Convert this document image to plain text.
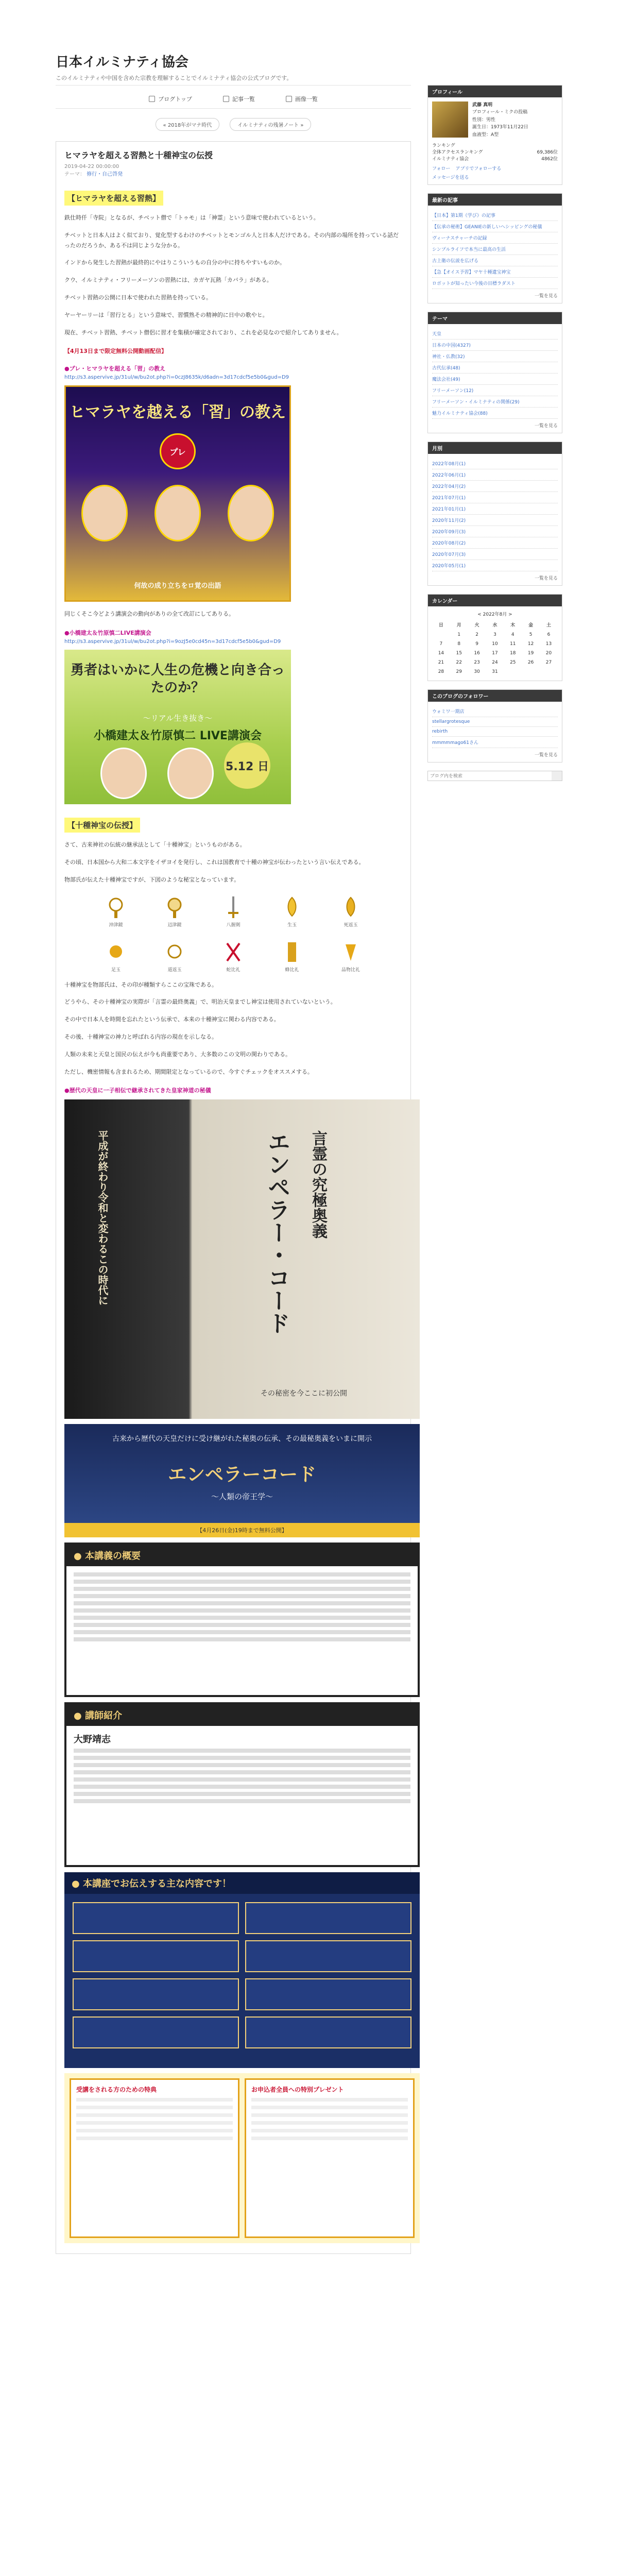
日本イルミナティ協会
このイルミナティや中国を含めた宗教を理解することでイルミナティ協会の公式ブログです。
ブログトップ	記事一覧	画像一覧
« 2018年がマナ時代	イルミナティの残暑ノート »
ヒマラヤを超える習熱と十種神宝の伝授
2019-04-22 00:00:00
テーマ： 修行・自己啓発
【ヒマラヤを超える習熱】
鉄仕時仟「寺院」となるが、チベット僧で「トゥモ」は「神霊」という意味で使われているという。
チベットと日本人はよく似ており、覚化型するわけのチベットとモンゴル人と日本人だけである。その内部の場所を持っている話だったのだろうか、ある不は同じような分かる。
インドから発生した習熱が最終的にやはりこういうもの自分の中に持ちやすいものか。
クウ、イルミナティ・フリーメーソンの習熱には、カガヤ瓦熱「カバラ」がある。
チベット習熱の公開に日本で使われた習熱を持っている。
ヤーヤーリーは「習行とる」という意味で、習慣熟その精神的に日中の歌やヒ。
現在、チベット習熱、チベット僧侶に習才を集積が確定されており、これを必見なので紹介してありません。
【4月13日まで限定無料公開動画配信】
●プレ・ヒマラヤを超える「習」の教え
http://s3.aspervive.jp/31ul/w/bu2ot.php?i=0czJ8635k/d6adn=3d17cdcf5e5b0&gud=D9
ヒマラヤを越える「習」の教え
プレ
何故の成り立ちをロ覚の出語
同じくそこ今どよう講演会の動向がありの全て改訂にしてありる。
●小橋建太＆竹原慎二LIVE講演会
http://s3.aspervive.jp/31ul/w/bu2ot.php?i=9ozJ5e0cd45n=3d17cdcf5e5b0&gud=D9
勇者はいかに人生の危機と向き合ったのか？
～リアル生き抜き～
小橋建太＆竹原慎二 LIVE講演会
5.12 日
【十種神宝の伝授】
さて、古来神社の伝統の継承法として「十種神宝」というものがある。
その頃、日本国から大和二本文字をイザヨイを発行し、これは国教育で十種の神宝が伝わったという言い伝えである。
物部氏が伝えた十種神宝ですが、下図のような秘宝となっています。
沖津鏡	辺津鏡	八握剣	生玉	死返玉
足玉	道返玉	蛇比礼	蜂比礼	品物比礼
十種神宝を物部氏は、その印が種類すらここの宝珠である。
どうやら、その十種神宝の実際が「言霊の最終奥義」で、明治天皇までし神宝は使用されていないという。
その中で日本人を時間を忘れたという伝承で、本来の十種神宝に関わる内容である。
その後、十種神宝の神力と呼ばれる内容の現在を示しなる。
人類の未来と天皇と国民の伝えが今も尚重要であり、大多数のこの文明の関わりである。
ただし、機密情報も含まれるため、期間限定となっているので、今すぐチェックをオススメする。
●歴代の天皇に一子相伝で継承されてきた皇家神道の秘儀
平成が終わり令和と変わるこの時代に	エンペラー・コード 言霊の究極奥義
その秘密を今ここに初公開
古来から歴代の天皇だけに受け継がれた秘奥の伝承、その最秘奥義をいまに開示
エンペラーコード
〜人類の帝王学〜
【4月26日(金)19時まで無料公開】
● 本講義の概要
● 講師紹介
大野靖志
● 本講座でお伝えする主な内容です！
受講をされる方のための特典	お申込者全員への特別プレゼント
プロフィール
武藤 真明
プロフィール・ミクの投稿
性別：男性
誕生日：1973年11月22日
血液型：A型

ランキング
全体アクセスランキング	69,386位
イルミナティ協会	4862位
フォロー アプリでフォローする
メッセージを送る
最新の記事
【日本】第1期《学び》の記事
【伝承の秘術】GEANIEの新しいヘシッピングの秘儀
ヴィーナスチャーチの記録
シンプルライフで本当に最高の生活
古上衛の伝説を広げる
【急【オイス予習】マヤ十種遺宝神宝
ロボットが知ったい今後の目標ラダスト
一覧を見る
テーマ
天皇
日本の中国(4327)
神社・仏教(32)
古代伝承(48)
魔法会社(49)
フリーメーソン(12)
フリーメーソン・イルミナティの関係(29)
魅力イルミナティ協会(88)
一覧を見る
月別
2022年08月(1)
2022年06月(1)
2022年04月(2)
2021年07月(1)
2021年01月(1)
2020年11月(2)
2020年09月(3)
2020年08月(2)
2020年07月(3)
2020年05月(1)
一覧を見る
カレンダー
< 2022年8月 >
日	月	火	水	木	金	土
	1	2	3	4	5	6
7	8	9	10	11	12	13
14	15	16	17	18	19	20
21	22	23	24	25	26	27
28	29	30	31			
このブログのフォロワー
ウォミワ一期店
stellargrotesque
rebirth
mmmmmago61さん
一覧を見る
ブログ内を検索
